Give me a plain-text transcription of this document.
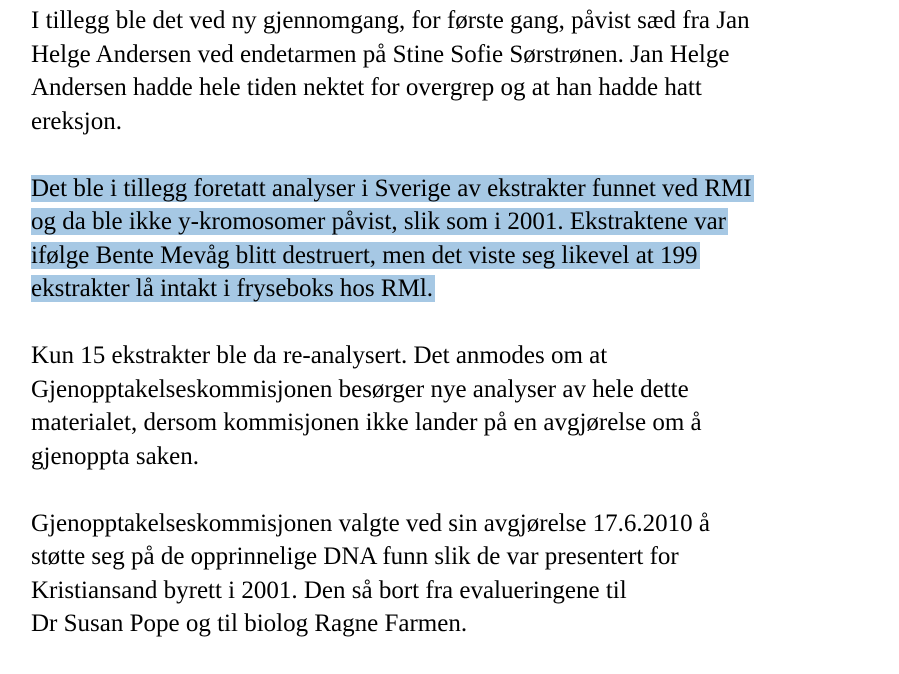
I tillegg ble det ved ny gjennomgang, for første gang, påvist sæd fra Jan
Helge Andersen ved endetarmen på Stine Sofie Sørstrønen. Jan Helge
Andersen hadde hele tiden nektet for overgrep og at han hadde hatt
ereksjon.

Det ble i tillegg foretatt analyser i Sverige av ekstrakter funnet ved RMI
og da ble ikke y-kromosomer påvist, slik som i 2001. Ekstraktene var
ifølge Bente Mevåg blitt destruert, men det viste seg likevel at 199
ekstrakter lå intakt i fryseboks hos RMl.

Kun 15 ekstrakter ble da re-analysert. Det anmodes om at
Gjenopptakelseskommisjonen besørger nye analyser av hele dette
materialet, dersom kommisjonen ikke lander på en avgjørelse om å
gjenoppta saken.

Gjenopptakelseskommisjonen valgte ved sin avgjørelse 17.6.2010 å
støtte seg på de opprinnelige DNA funn slik de var presentert for
Kristiansand byrett i 2001. Den så bort fra evalueringene til
Dr Susan Pope og til biolog Ragne Farmen.
